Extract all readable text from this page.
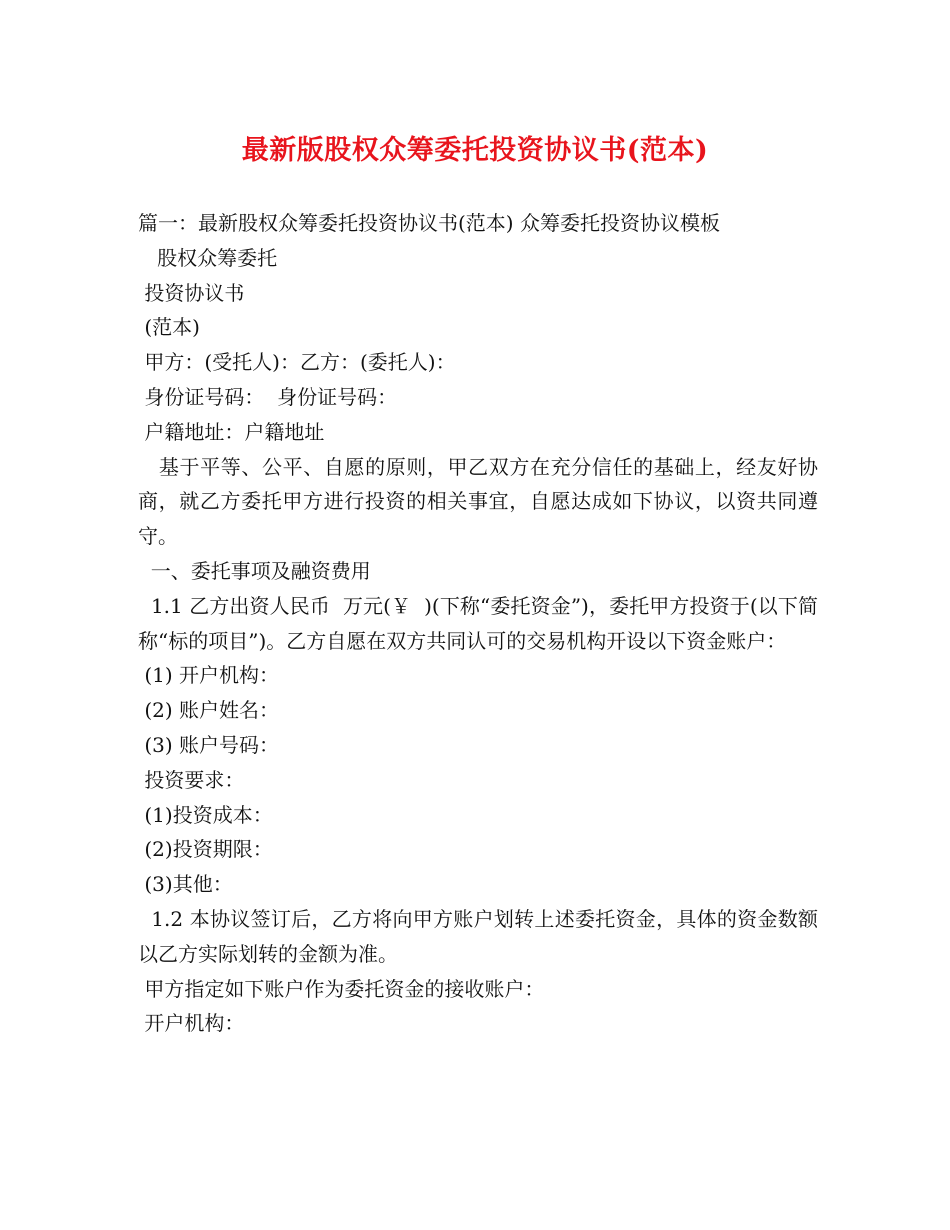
最新版股权众筹委托投资协议书(范本)

篇一：最新股权众筹委托投资协议书(范本) 众筹委托投资协议模板

股权众筹委托

投资协议书

(范本)

甲方：(受托人)：乙方：(委托人)：

身份证号码：  身份证号码：

户籍地址：户籍地址

基于平等、公平、自愿的原则，甲乙双方在充分信任的基础上，经友好协商，就乙方委托甲方进行投资的相关事宜，自愿达成如下协议，以资共同遵守。

一、委托事项及融资费用

1.1 乙方出资人民币  万元(￥  )(下称“委托资金”)，委托甲方投资于(以下简称“标的项目”)。乙方自愿在双方共同认可的交易机构开设以下资金账户：

(1) 开户机构：

(2) 账户姓名：

(3) 账户号码：

投资要求：

(1)投资成本：

(2)投资期限：

(3)其他：

1.2 本协议签订后，乙方将向甲方账户划转上述委托资金，具体的资金数额以乙方实际划转的金额为准。

甲方指定如下账户作为委托资金的接收账户：

开户机构：
